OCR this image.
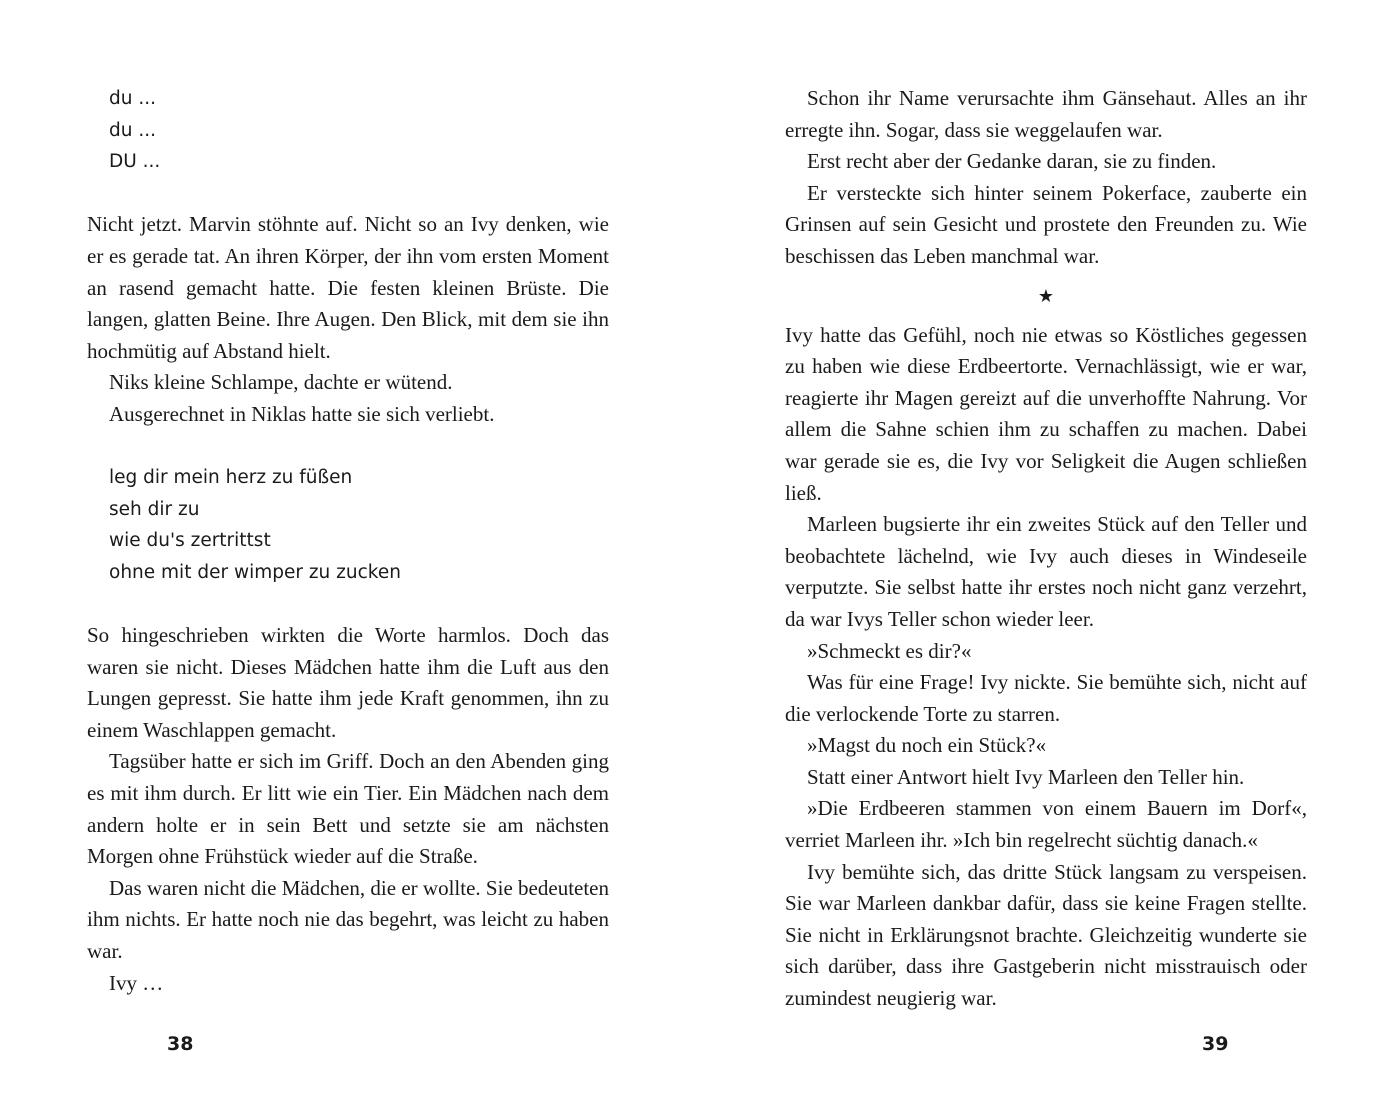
du ...
du ...
DU ...

Nicht jetzt. Marvin stöhnte auf. Nicht so an Ivy denken, wie er es gerade tat. An ihren Körper, der ihn vom ersten Moment an rasend gemacht hatte. Die festen kleinen Brüste. Die langen, glatten Beine. Ihre Augen. Den Blick, mit dem sie ihn hochmütig auf Abstand hielt.

Niks kleine Schlampe, dachte er wütend.

Ausgerechnet in Niklas hatte sie sich verliebt.

leg dir mein herz zu füßen
seh dir zu
wie du's zertrittst
ohne mit der wimper zu zucken

So hingeschrieben wirkten die Worte harmlos. Doch das waren sie nicht. Dieses Mädchen hatte ihm die Luft aus den Lungen gepresst. Sie hatte ihm jede Kraft genommen, ihn zu einem Waschlappen gemacht.

Tagsüber hatte er sich im Griff. Doch an den Abenden ging es mit ihm durch. Er litt wie ein Tier. Ein Mädchen nach dem andern holte er in sein Bett und setzte sie am nächsten Morgen ohne Frühstück wieder auf die Straße.

Das waren nicht die Mädchen, die er wollte. Sie bedeuteten ihm nichts. Er hatte noch nie das begehrt, was leicht zu haben war.

Ivy …

38

Schon ihr Name verursachte ihm Gänsehaut. Alles an ihr erregte ihn. Sogar, dass sie weggelaufen war.

Erst recht aber der Gedanke daran, sie zu finden.

Er versteckte sich hinter seinem Pokerface, zauberte ein Grinsen auf sein Gesicht und prostete den Freunden zu. Wie beschissen das Leben manchmal war.

★

Ivy hatte das Gefühl, noch nie etwas so Köstliches gegessen zu haben wie diese Erdbeertorte. Vernachlässigt, wie er war, reagierte ihr Magen gereizt auf die unverhoffte Nahrung. Vor allem die Sahne schien ihm zu schaffen zu machen. Dabei war gerade sie es, die Ivy vor Seligkeit die Augen schließen ließ.

Marleen bugsierte ihr ein zweites Stück auf den Teller und beobachtete lächelnd, wie Ivy auch dieses in Windeseile verputzte. Sie selbst hatte ihr erstes noch nicht ganz verzehrt, da war Ivys Teller schon wieder leer.

»Schmeckt es dir?«

Was für eine Frage! Ivy nickte. Sie bemühte sich, nicht auf die verlockende Torte zu starren.

»Magst du noch ein Stück?«

Statt einer Antwort hielt Ivy Marleen den Teller hin.

»Die Erdbeeren stammen von einem Bauern im Dorf«, verriet Marleen ihr. »Ich bin regelrecht süchtig danach.«

Ivy bemühte sich, das dritte Stück langsam zu verspeisen. Sie war Marleen dankbar dafür, dass sie keine Fragen stellte. Sie nicht in Erklärungsnot brachte. Gleichzeitig wunderte sie sich darüber, dass ihre Gastgeberin nicht misstrauisch oder zumindest neugierig war.

39
